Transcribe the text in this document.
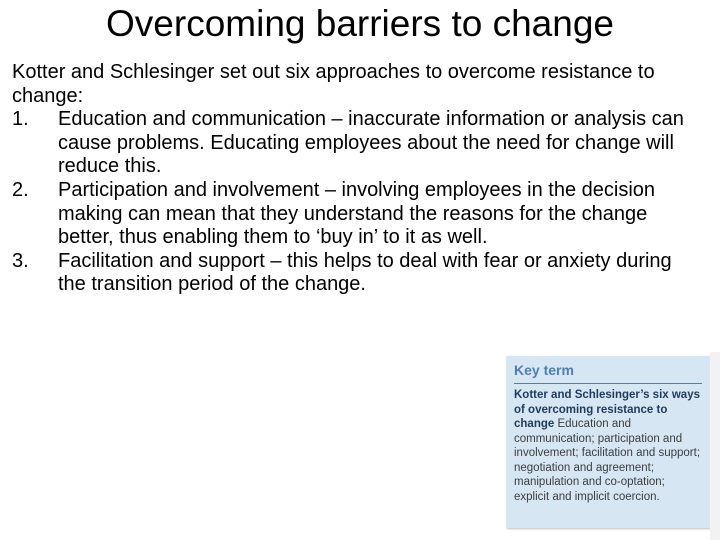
Overcoming barriers to change

Kotter and Schlesinger set out six approaches to overcome resistance to change:

1.	Education and communication – inaccurate information or analysis can cause problems. Educating employees about the need for change will reduce this.
2.	Participation and involvement – involving employees in the decision making can mean that they understand the reasons for the change better, thus enabling them to ‘buy in’ to it as well.
3.	Facilitation and support – this helps to deal with fear or anxiety during the transition period of the change.
Key term
Kotter and Schlesinger’s six ways of overcoming resistance to change Education and communication; participation and involvement; facilitation and support; negotiation and agreement; manipulation and co-optation; explicit and implicit coercion.
